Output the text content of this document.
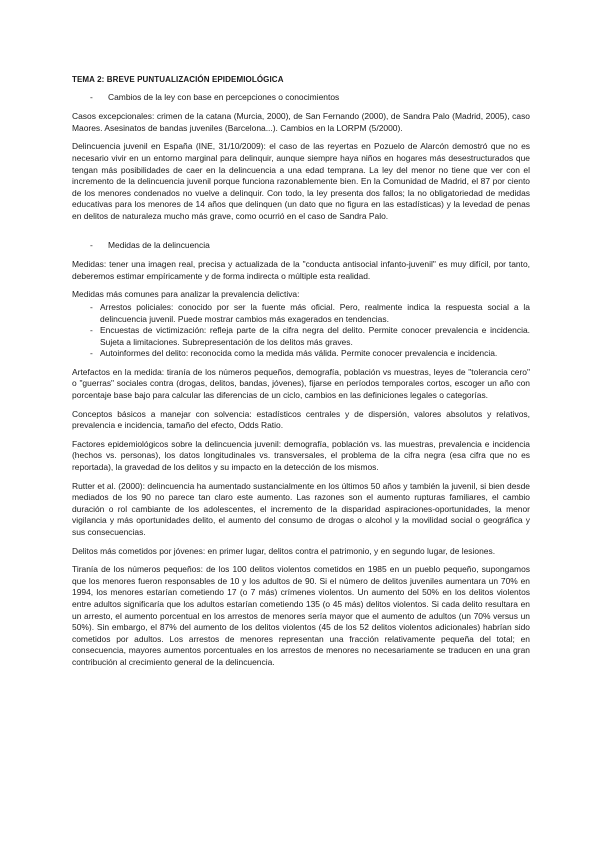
TEMA 2: BREVE PUNTUALIZACIÓN EPIDEMIOLÓGICA
-	Cambios de la ley con base en percepciones o conocimientos

Casos excepcionales: crimen de la catana (Murcia, 2000), de San Fernando (2000), de Sandra Palo (Madrid, 2005), caso Maores. Asesinatos de bandas juveniles (Barcelona...). Cambios en la LORPM (5/2000).

Delincuencia juvenil en España (INE, 31/10/2009): el caso de las reyertas en Pozuelo de Alarcón demostró que no es necesario vivir en un entorno marginal para delinquir, aunque siempre haya niños en hogares más desestructurados que tengan más posibilidades de caer en la delincuencia a una edad temprana. La ley del menor no tiene que ver con el incremento de la delincuencia juvenil porque funciona razonablemente bien. En la Comunidad de Madrid, el 87 por ciento de los menores condenados no vuelve a delinquir. Con todo, la ley presenta dos fallos; la no obligatoriedad de medidas educativas para los menores de 14 años que delinquen (un dato que no figura en las estadísticas) y la levedad de penas en delitos de naturaleza mucho más grave, como ocurrió en el caso de Sandra Palo.

-	Medidas de la delincuencia

Medidas: tener una imagen real, precisa y actualizada de la "conducta antisocial infanto-juvenil" es muy difícil, por tanto, deberemos estimar empíricamente y de forma indirecta o múltiple esta realidad.

Medidas más comunes para analizar la prevalencia delictiva:

- Arrestos policiales: conocido por ser la fuente más oficial. Pero, realmente indica la respuesta social a la delincuencia juvenil. Puede mostrar cambios más exagerados en tendencias.
- Encuestas de victimización: refleja parte de la cifra negra del delito. Permite conocer prevalencia e incidencia. Sujeta a limitaciones. Subrepresentación de los delitos más graves.
- Autoinformes del delito: reconocida como la medida más válida. Permite conocer prevalencia e incidencia.

Artefactos en la medida: tiranía de los números pequeños, demografía, población vs muestras, leyes de "tolerancia cero" o "guerras" sociales contra (drogas, delitos, bandas, jóvenes), fijarse en períodos temporales cortos, escoger un año con porcentaje base bajo para calcular las diferencias de un ciclo, cambios en las definiciones legales o categorías.

Conceptos básicos a manejar con solvencia: estadísticos centrales y de dispersión, valores absolutos y relativos, prevalencia e incidencia, tamaño del efecto, Odds Ratio.

Factores epidemiológicos sobre la delincuencia juvenil: demografía, población vs. las muestras, prevalencia e incidencia (hechos vs. personas), los datos longitudinales vs. transversales, el problema de la cifra negra (esa cifra que no es reportada), la gravedad de los delitos y su impacto en la detección de los mismos.

Rutter et al. (2000): delincuencia ha aumentado sustancialmente en los últimos 50 años y también la juvenil, si bien desde mediados de los 90 no parece tan claro este aumento. Las razones son el aumento rupturas familiares, el cambio duración o rol cambiante de los adolescentes, el incremento de la disparidad aspiraciones-oportunidades, la menor vigilancia y más oportunidades delito, el aumento del consumo de drogas o alcohol y la movilidad social o geográfica y sus consecuencias.

Delitos más cometidos por jóvenes: en primer lugar, delitos contra el patrimonio, y en segundo lugar, de lesiones.

Tiranía de los números pequeños: de los 100 delitos violentos cometidos en 1985 en un pueblo pequeño, supongamos que los menores fueron responsables de 10 y los adultos de 90. Si el número de delitos juveniles aumentara un 70% en 1994, los menores estarían cometiendo 17 (o 7 más) crímenes violentos. Un aumento del 50% en los delitos violentos entre adultos significaría que los adultos estarían cometiendo 135 (o 45 más) delitos violentos. Si cada delito resultara en un arresto, el aumento porcentual en los arrestos de menores sería mayor que el aumento de adultos (un 70% versus un 50%). Sin embargo, el 87% del aumento de los delitos violentos (45 de los 52 delitos violentos adicionales) habrían sido cometidos por adultos. Los arrestos de menores representan una fracción relativamente pequeña del total; en consecuencia, mayores aumentos porcentuales en los arrestos de menores no necesariamente se traducen en una gran contribución al crecimiento general de la delincuencia.
